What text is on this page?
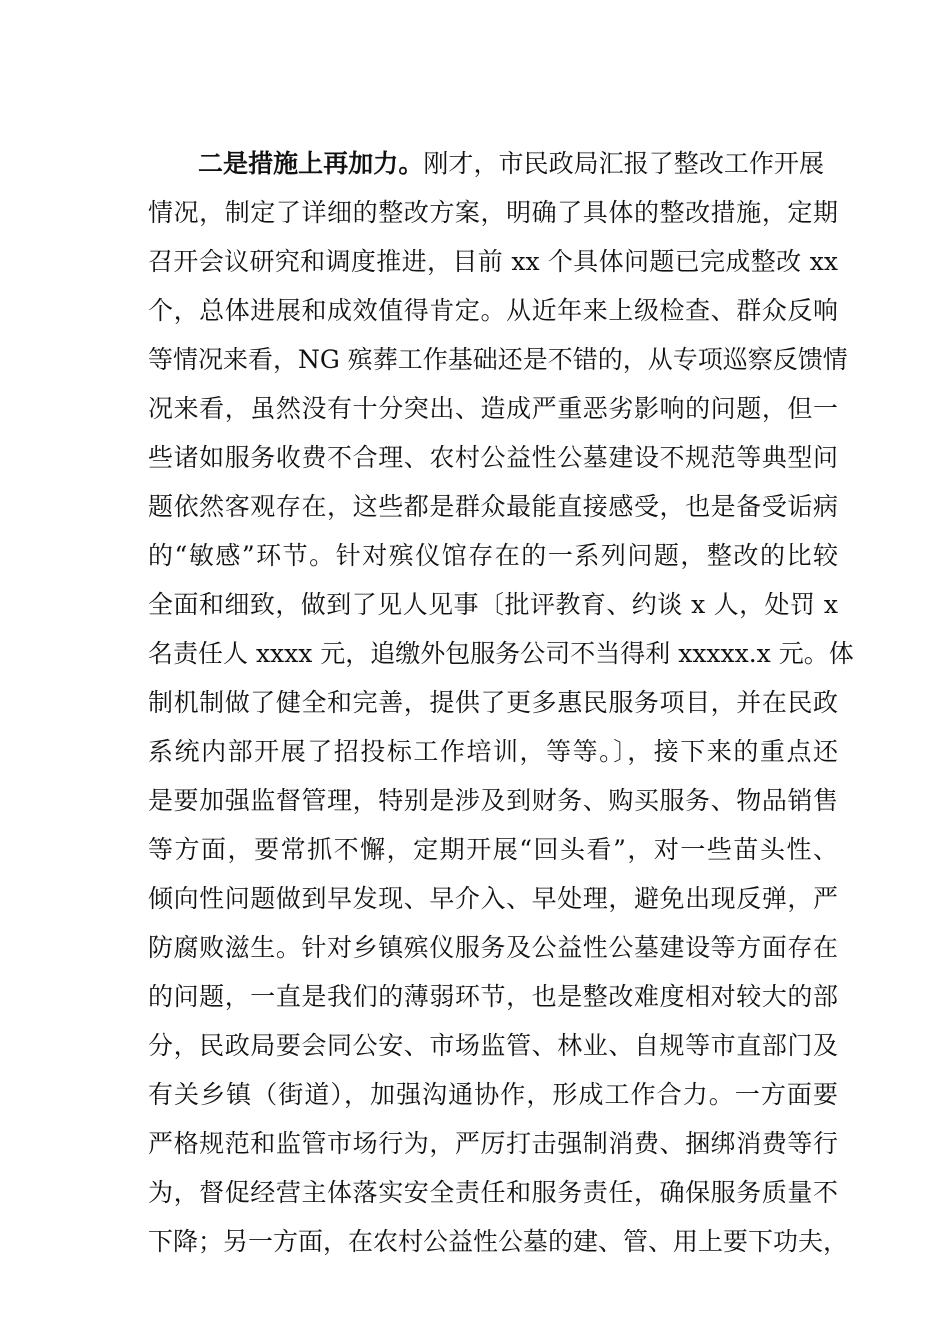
二是措施上再加力。刚才，市民政局汇报了整改工作开展
情况，制定了详细的整改方案，明确了具体的整改措施，定期
召开会议研究和调度推进，目前 xx 个具体问题已完成整改 xx
个，总体进展和成效值得肯定。从近年来上级检查、群众反响
等情况来看，NG 殡葬工作基础还是不错的，从专项巡察反馈情
况来看，虽然没有十分突出、造成严重恶劣影响的问题，但一
些诸如服务收费不合理、农村公益性公墓建设不规范等典型问
题依然客观存在，这些都是群众最能直接感受，也是备受诟病
的“敏感”环节。针对殡仪馆存在的一系列问题，整改的比较
全面和细致，做到了见人见事〔批评教育、约谈 x 人，处罚 x
名责任人 xxxx 元，追缴外包服务公司不当得利 xxxxx.x 元。体
制机制做了健全和完善，提供了更多惠民服务项目，并在民政
系统内部开展了招投标工作培训，等等。〕，接下来的重点还
是要加强监督管理，特别是涉及到财务、购买服务、物品销售
等方面，要常抓不懈，定期开展“回头看”，对一些苗头性、
倾向性问题做到早发现、早介入、早处理，避免出现反弹，严
防腐败滋生。针对乡镇殡仪服务及公益性公墓建设等方面存在
的问题，一直是我们的薄弱环节，也是整改难度相对较大的部
分，民政局要会同公安、市场监管、林业、自规等市直部门及
有关乡镇（街道），加强沟通协作，形成工作合力。一方面要
严格规范和监管市场行为，严厉打击强制消费、捆绑消费等行
为，督促经营主体落实安全责任和服务责任，确保服务质量不
下降；另一方面，在农村公益性公墓的建、管、用上要下功夫，
